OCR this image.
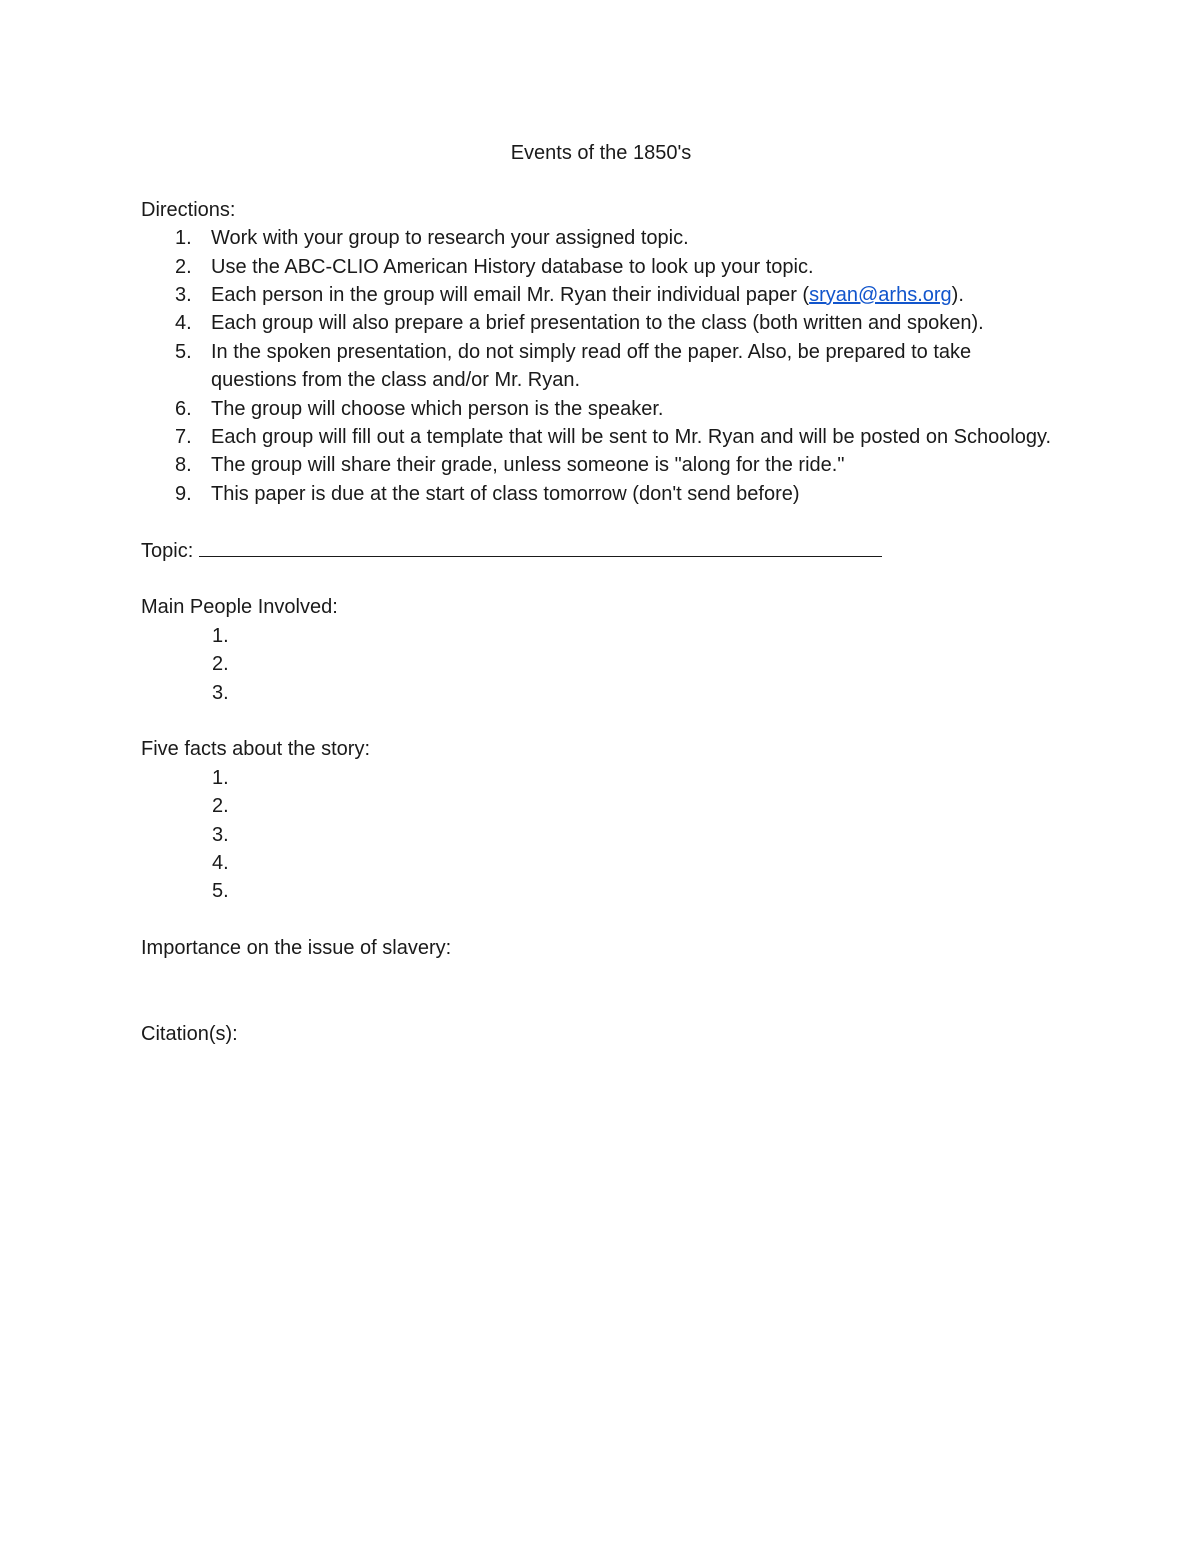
Events of the 1850's

Directions:

1. Work with your group to research your assigned topic.
2. Use the ABC-CLIO American History database to look up your topic.
3. Each person in the group will email Mr. Ryan their individual paper (sryan@arhs.org).
4. Each group will also prepare a brief presentation to the class (both written and spoken).
5. In the spoken presentation, do not simply read off the paper. Also, be prepared to take questions from the class and/or Mr. Ryan.
6. The group will choose which person is the speaker.
7. Each group will fill out a template that will be sent to Mr. Ryan and will be posted on Schoology.
8. The group will share their grade, unless someone is "along for the ride."
9. This paper is due at the start of class tomorrow (don't send before)

Topic:

Main People Involved:

1.
2.
3.

Five facts about the story:

1.
2.
3.
4.
5.

Importance on the issue of slavery:

Citation(s):
